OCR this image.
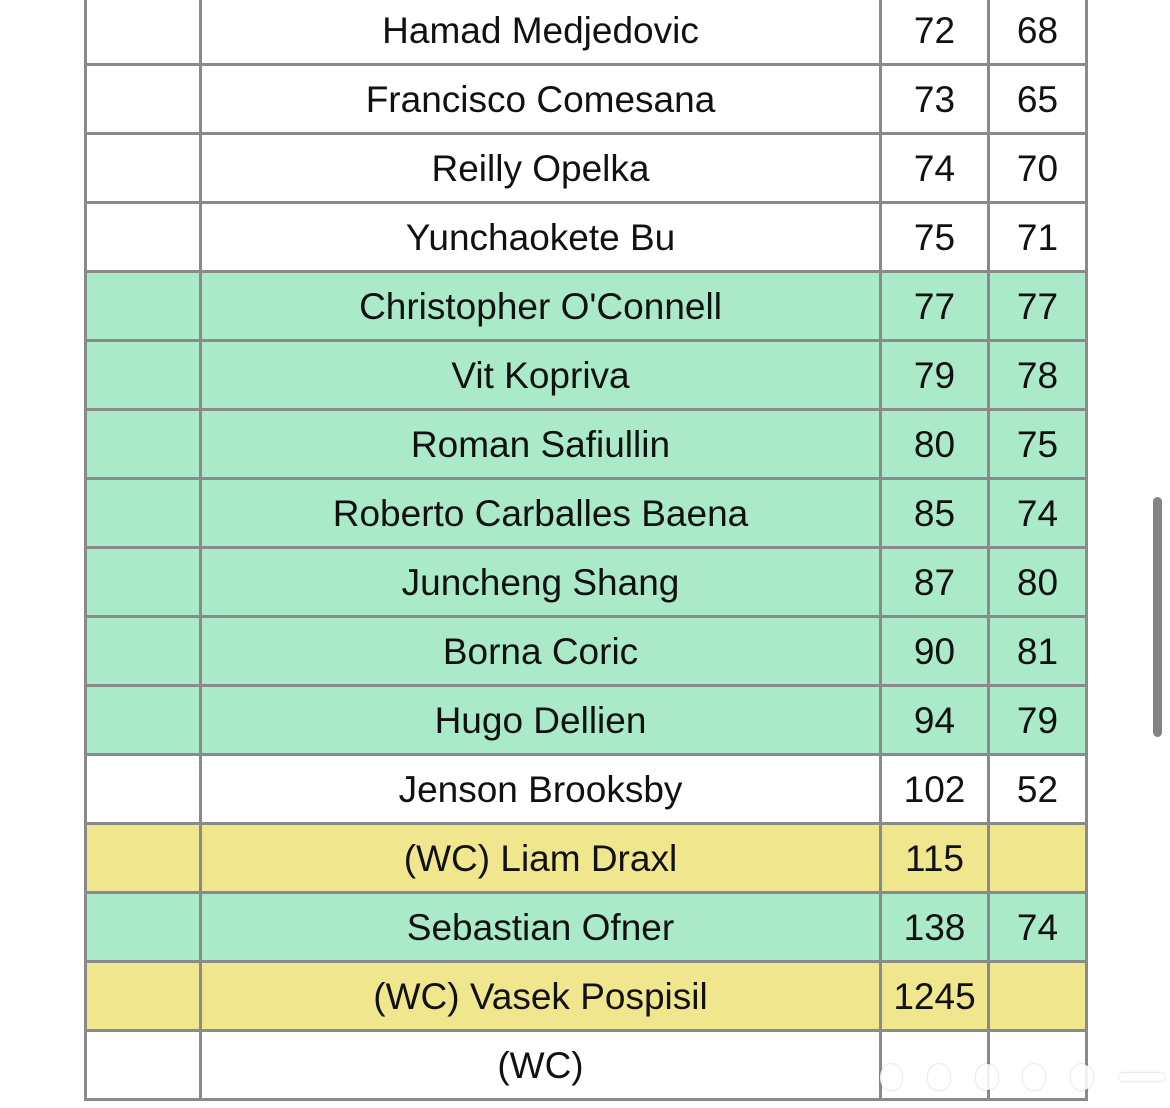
	Hamad Medjedovic	72	68
	Francisco Comesana	73	65
	Reilly Opelka	74	70
	Yunchaokete Bu	75	71
	Christopher O'Connell	77	77
	Vit Kopriva	79	78
	Roman Safiullin	80	75
	Roberto Carballes Baena	85	74
	Juncheng Shang	87	80
	Borna Coric	90	81
	Hugo Dellien	94	79
	Jenson Brooksby	102	52
	(WC) Liam Draxl	115	
	Sebastian Ofner	138	74
	(WC) Vasek Pospisil	1245	
	(WC)		
